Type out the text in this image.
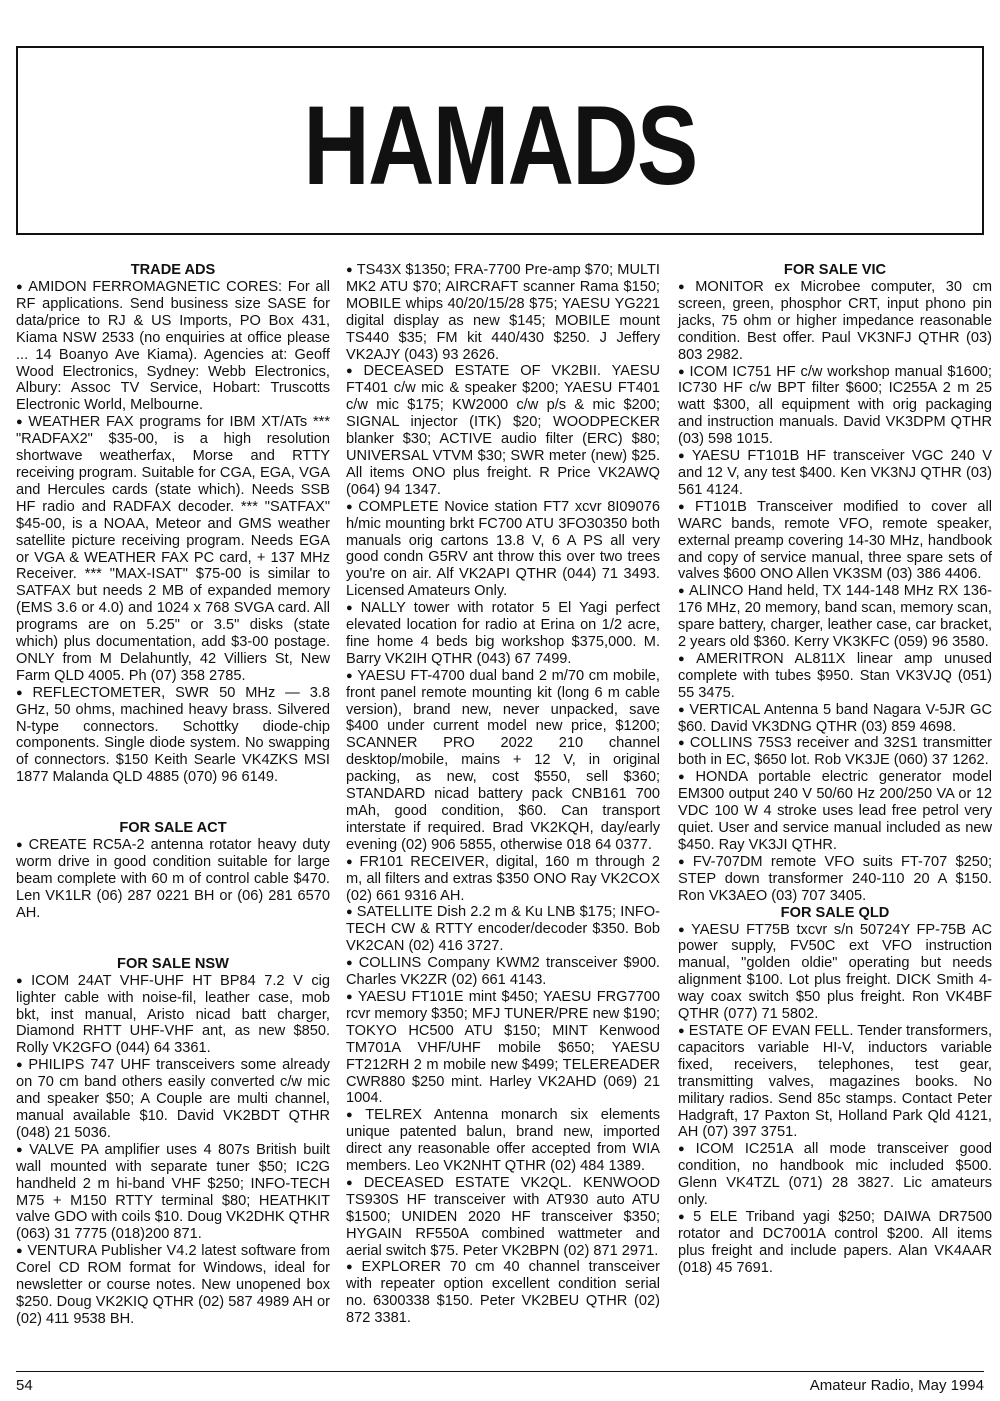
HAMADS
TRADE ADS

● AMIDON FERROMAGNETIC CORES: For all RF applications. Send business size SASE for data/price to RJ & US Imports, PO Box 431, Kiama NSW 2533 (no enquiries at office please ... 14 Boanyo Ave Kiama). Agencies at: Geoff Wood Electronics, Sydney: Webb Electronics, Albury: Assoc TV Service, Hobart: Truscotts Electronic World, Melbourne.

● WEATHER FAX programs for IBM XT/ATs *** "RADFAX2" $35-00, is a high resolution shortwave weatherfax, Morse and RTTY receiving program. Suitable for CGA, EGA, VGA and Hercules cards (state which). Needs SSB HF radio and RADFAX decoder. *** "SATFAX" $45-00, is a NOAA, Meteor and GMS weather satellite picture receiving program. Needs EGA or VGA & WEATHER FAX PC card, + 137 MHz Receiver. *** "MAX-ISAT" $75-00 is similar to SATFAX but needs 2 MB of expanded memory (EMS 3.6 or 4.0) and 1024 x 768 SVGA card. All programs are on 5.25" or 3.5" disks (state which) plus documentation, add $3-00 postage. ONLY from M Delahuntly, 42 Villiers St, New Farm QLD 4005. Ph (07) 358 2785.

● REFLECTOMETER, SWR 50 MHz — 3.8 GHz, 50 ohms, machined heavy brass. Silvered N-type connectors. Schottky diode-chip components. Single diode system. No swapping of connectors. $150 Keith Searle VK4ZKS MSI 1877 Malanda QLD 4885 (070) 96 6149.

FOR SALE ACT

● CREATE RC5A-2 antenna rotator heavy duty worm drive in good condition suitable for large beam complete with 60 m of control cable $470. Len VK1LR (06) 287 0221 BH or (06) 281 6570 AH.

FOR SALE NSW

● ICOM 24AT VHF-UHF HT BP84 7.2 V cig lighter cable with noise-fil, leather case, mob bkt, inst manual, Aristo nicad batt charger, Diamond RHTT UHF-VHF ant, as new $850. Rolly VK2GFO (044) 64 3361.

● PHILIPS 747 UHF transceivers some already on 70 cm band others easily converted c/w mic and speaker $50; A Couple are multi channel, manual available $10. David VK2BDT QTHR (048) 21 5036.

● VALVE PA amplifier uses 4 807s British built wall mounted with separate tuner $50; IC2G handheld 2 m hi-band VHF $250; INFO-TECH M75 + M150 RTTY terminal $80; HEATHKIT valve GDO with coils $10. Doug VK2DHK QTHR (063) 31 7775 (018)200 871.

● VENTURA Publisher V4.2 latest software from Corel CD ROM format for Windows, ideal for newsletter or course notes. New unopened box $250. Doug VK2KIQ QTHR (02) 587 4989 AH or (02) 411 9538 BH.

● TS43X $1350; FRA-7700 Pre-amp $70; MULTI MK2 ATU $70; AIRCRAFT scanner Rama $150; MOBILE whips 40/20/15/28 $75; YAESU YG221 digital display as new $145; MOBILE mount TS440 $35; FM kit 440/430 $250. J Jeffery VK2AJY (043) 93 2626.

● DECEASED ESTATE OF VK2BII. YAESU FT401 c/w mic & speaker $200; YAESU FT401 c/w mic $175; KW2000 c/w p/s & mic $200; SIGNAL injector (ITK) $20; WOODPECKER blanker $30; ACTIVE audio filter (ERC) $80; UNIVERSAL VTVM $30; SWR meter (new) $25. All items ONO plus freight. R Price VK2AWQ (064) 94 1347.

● COMPLETE Novice station FT7 xcvr 8I09076 h/mic mounting brkt FC700 ATU 3FO30350 both manuals orig cartons 13.8 V, 6 A PS all very good condn G5RV ant throw this over two trees you're on air. Alf VK2API QTHR (044) 71 3493. Licensed Amateurs Only.

● NALLY tower with rotator 5 El Yagi perfect elevated location for radio at Erina on 1/2 acre, fine home 4 beds big workshop $375,000. M. Barry VK2IH QTHR (043) 67 7499.

● YAESU FT-4700 dual band 2 m/70 cm mobile, front panel remote mounting kit (long 6 m cable version), brand new, never unpacked, save $400 under current model new price, $1200; SCANNER PRO 2022 210 channel desktop/mobile, mains + 12 V, in original packing, as new, cost $550, sell $360; STANDARD nicad battery pack CNB161 700 mAh, good condition, $60. Can transport interstate if required. Brad VK2KQH, day/early evening (02) 906 5855, otherwise 018 64 0377.

● FR101 RECEIVER, digital, 160 m through 2 m, all filters and extras $350 ONO Ray VK2COX (02) 661 9316 AH.

● SATELLITE Dish 2.2 m & Ku LNB $175; INFO-TECH CW & RTTY encoder/decoder $350. Bob VK2CAN (02) 416 3727.

● COLLINS Company KWM2 transceiver $900. Charles VK2ZR (02) 661 4143.

● YAESU FT101E mint $450; YAESU FRG7700 rcvr memory $350; MFJ TUNER/PRE new $190; TOKYO HC500 ATU $150; MINT Kenwood TM701A VHF/UHF mobile $650; YAESU FT212RH 2 m mobile new $499; TELEREADER CWR880 $250 mint. Harley VK2AHD (069) 21 1004.

● TELREX Antenna monarch six elements unique patented balun, brand new, imported direct any reasonable offer accepted from WIA members. Leo VK2NHT QTHR (02) 484 1389.

● DECEASED ESTATE VK2QL. KENWOOD TS930S HF transceiver with AT930 auto ATU $1500; UNIDEN 2020 HF transceiver $350; HYGAIN RF550A combined wattmeter and aerial switch $75. Peter VK2BPN (02) 871 2971.

● EXPLORER 70 cm 40 channel transceiver with repeater option excellent condition serial no. 6300338 $150. Peter VK2BEU QTHR (02) 872 3381.

FOR SALE VIC

● MONITOR ex Microbee computer, 30 cm screen, green, phosphor CRT, input phono pin jacks, 75 ohm or higher impedance reasonable condition. Best offer. Paul VK3NFJ QTHR (03) 803 2982.

● ICOM IC751 HF c/w workshop manual $1600; IC730 HF c/w BPT filter $600; IC255A 2 m 25 watt $300, all equipment with orig packaging and instruction manuals. David VK3DPM QTHR (03) 598 1015.

● YAESU FT101B HF transceiver VGC 240 V and 12 V, any test $400. Ken VK3NJ QTHR (03) 561 4124.

● FT101B Transceiver modified to cover all WARC bands, remote VFO, remote speaker, external preamp covering 14-30 MHz, handbook and copy of service manual, three spare sets of valves $600 ONO Allen VK3SM (03) 386 4406.

● ALINCO Hand held, TX 144-148 MHz RX 136-176 MHz, 20 memory, band scan, memory scan, spare battery, charger, leather case, car bracket, 2 years old $360. Kerry VK3KFC (059) 96 3580.

● AMERITRON AL811X linear amp unused complete with tubes $950. Stan VK3VJQ (051) 55 3475.

● VERTICAL Antenna 5 band Nagara V-5JR GC $60. David VK3DNG QTHR (03) 859 4698.

● COLLINS 75S3 receiver and 32S1 transmitter both in EC, $650 lot. Rob VK3JE (060) 37 1262.

● HONDA portable electric generator model EM300 output 240 V 50/60 Hz 200/250 VA or 12 VDC 100 W 4 stroke uses lead free petrol very quiet. User and service manual included as new $450. Ray VK3JI QTHR.

● FV-707DM remote VFO suits FT-707 $250; STEP down transformer 240-110 20 A $150. Ron VK3AEO (03) 707 3405.

FOR SALE QLD

● YAESU FT75B txcvr s/n 50724Y FP-75B AC power supply, FV50C ext VFO instruction manual, "golden oldie" operating but needs alignment $100. Lot plus freight. DICK Smith 4-way coax switch $50 plus freight. Ron VK4BF QTHR (077) 71 5802.

● ESTATE OF EVAN FELL. Tender transformers, capacitors variable HI-V, inductors variable fixed, receivers, telephones, test gear, transmitting valves, magazines books. No military radios. Send 85c stamps. Contact Peter Hadgraft, 17 Paxton St, Holland Park Qld 4121, AH (07) 397 3751.

● ICOM IC251A all mode transceiver good condition, no handbook mic included $500. Glenn VK4TZL (071) 28 3827. Lic amateurs only.

● 5 ELE Triband yagi $250; DAIWA DR7500 rotator and DC7001A control $200. All items plus freight and include papers. Alan VK4AAR (018) 45 7691.

54	Amateur Radio, May 1994
